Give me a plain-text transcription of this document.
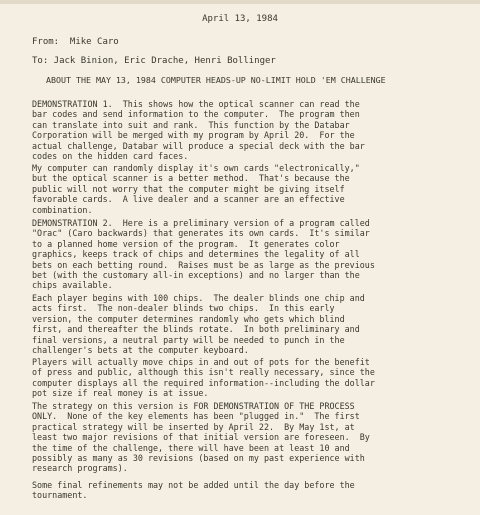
April 13, 1984
From:  Mike Caro
To: Jack Binion, Eric Drache, Henri Bollinger
ABOUT THE MAY 13, 1984 COMPUTER HEADS-UP NO-LIMIT HOLD 'EM CHALLENGE
DEMONSTRATION 1.  This shows how the optical scanner can read the
bar codes and send information to the computer.  The program then
can translate into suit and rank.  This function by the Databar
Corporation will be merged with my program by April 20.  For the
actual challenge, Databar will produce a special deck with the bar
codes on the hidden card faces.
My computer can randomly display it's own cards "electronically,"
but the optical scanner is a better method.  That's because the
public will not worry that the computer might be giving itself
favorable cards.  A live dealer and a scanner are an effective
combination.
DEMONSTRATION 2.  Here is a preliminary version of a program called
"Orac" (Caro backwards) that generates its own cards.  It's similar
to a planned home version of the program.  It generates color
graphics, keeps track of chips and determines the legality of all
bets on each betting round.  Raises must be as large as the previous
bet (with the customary all-in exceptions) and no larger than the
chips available.
Each player begins with 100 chips.  The dealer blinds one chip and
acts first.  The non-dealer blinds two chips.  In this early
version, the computer determines randomly who gets which blind
first, and thereafter the blinds rotate.  In both preliminary and
final versions, a neutral party will be needed to punch in the
challenger's bets at the computer keyboard.
Players will actually move chips in and out of pots for the benefit
of press and public, although this isn't really necessary, since the
computer displays all the required information--including the dollar
pot size if real money is at issue.
The strategy on this version is FOR DEMONSTRATION OF THE PROCESS
ONLY.  None of the key elements has been "plugged in."  The first
practical strategy will be inserted by April 22.  By May 1st, at
least two major revisions of that initial version are foreseen.  By
the time of the challenge, there will have been at least 10 and
possibly as many as 30 revisions (based on my past experience with
research programs).
Some final refinements may not be added until the day before the
tournament.
